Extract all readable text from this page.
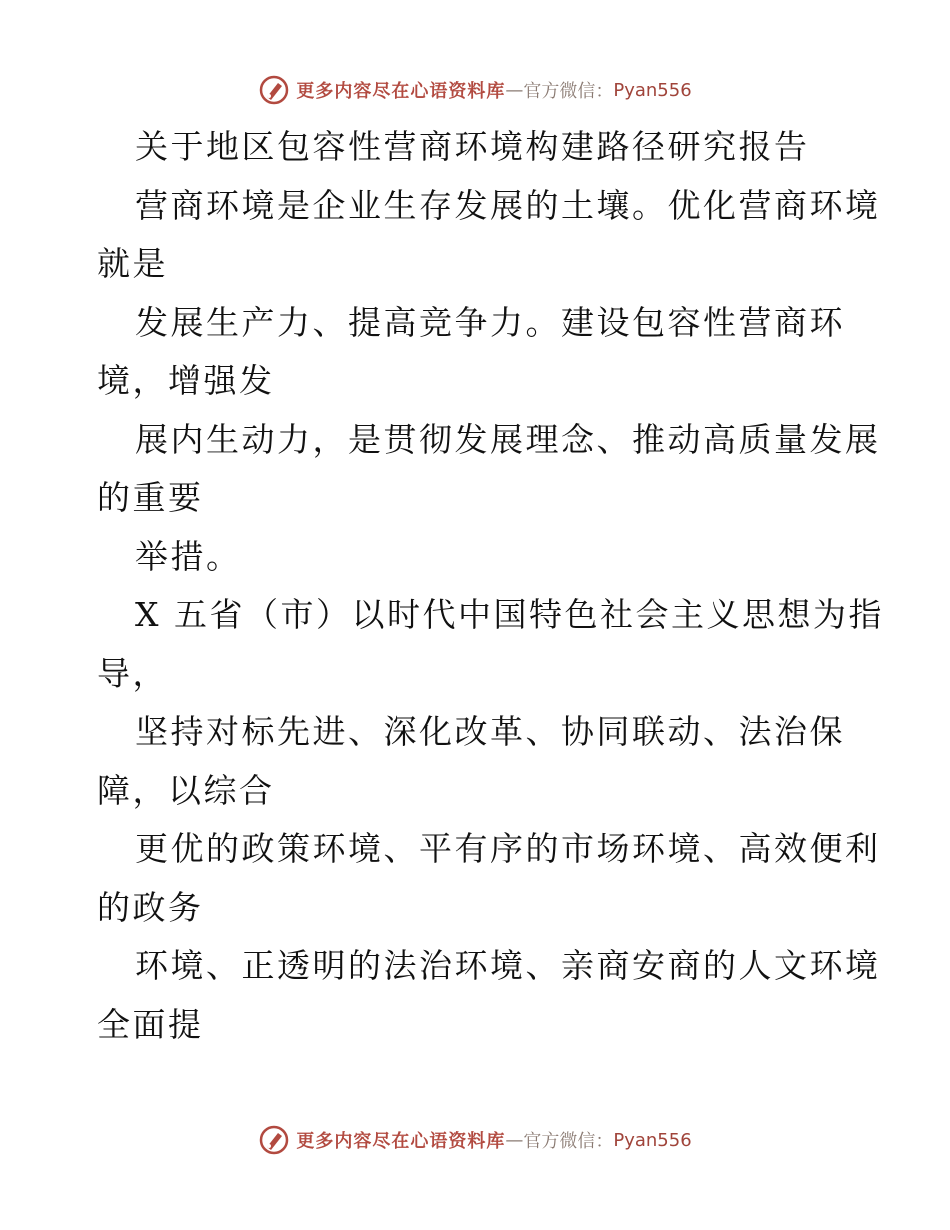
更多内容尽在心语资料库 — 官方微信： Pyan556
关于地区包容性营商环境构建路径研究报告
营商环境是企业生存发展的土壤。优化营商环境
就是
发展生产力、提高竞争力。建设包容性营商环
境，增强发
展内生动力，是贯彻发展理念、推动高质量发展
的重要
举措。
X 五省（市）以时代中国特色社会主义思想为指
导，
坚持对标先进、深化改革、协同联动、法治保
障，以综合
更优的政策环境、平有序的市场环境、高效便利
的政务
环境、正透明的法治环境、亲商安商的人文环境
全面提
更多内容尽在心语资料库 — 官方微信： Pyan556
